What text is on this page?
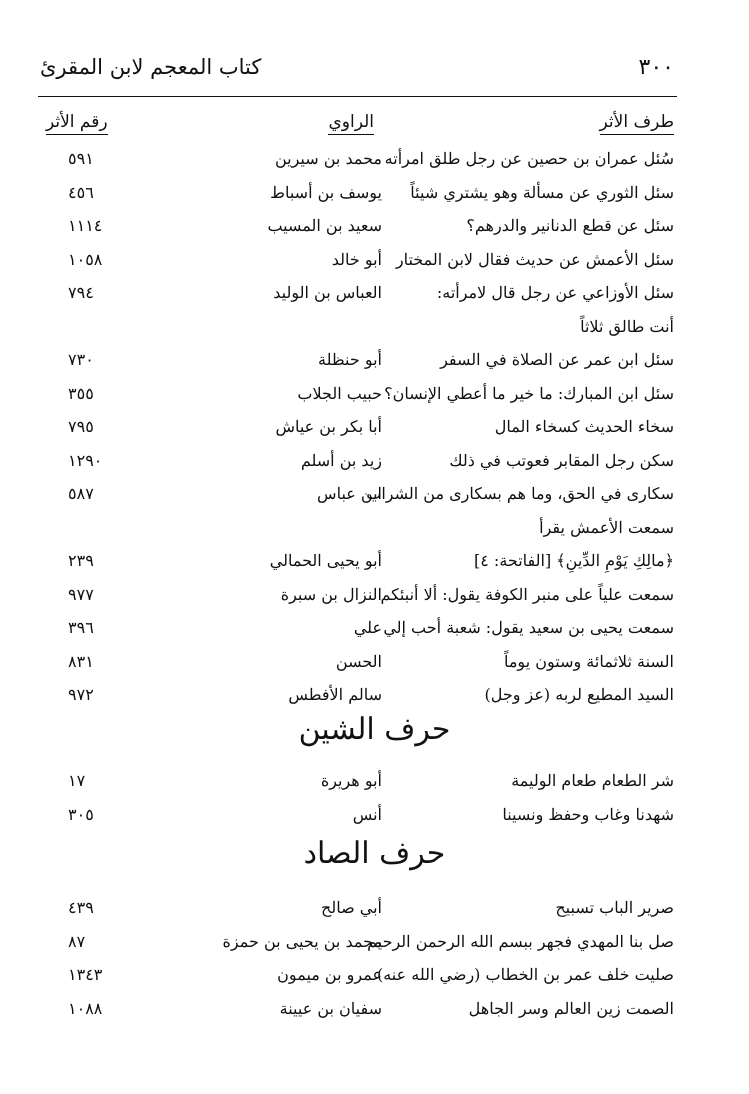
٣٠٠
كتاب المعجم لابن المقرئ
طرف الأثر
الراوي
رقم الأثر
سُئل عمران بن حصين عن رجل طلق امرأته
محمد بن سيرين
٥٩١
سئل الثوري عن مسألة وهو يشتري شيئاً
يوسف بن أسباط
٤٥٦
سئل عن قطع الدنانير والدرهم؟
سعيد بن المسيب
١١١٤
سئل الأعمش عن حديث فقال لابن المختار
أبو خالد
١٠٥٨
سئل الأوزاعي عن رجل قال لامرأته:
العباس بن الوليد
٧٩٤
أنت طالق ثلاثاً
سئل ابن عمر عن الصلاة في السفر
أبو حنظلة
٧٣٠
سئل ابن المبارك: ما خير ما أعطي الإنسان؟
حبيب الجلاب
٣٥٥
سخاء الحديث كسخاء المال
أبا بكر بن عياش
٧٩٥
سكن رجل المقابر فعوتب في ذلك
زيد بن أسلم
١٢٩٠
سكارى في الحق، وما هم بسكارى من الشراب
ابن عباس
٥٨٧
سمعت الأعمش يقرأ
﴿مالِكِ يَوْمِ الدِّينِ﴾ [الفاتحة: ٤]
أبو يحيى الحمالي
٢٣٩
سمعت علياً على منبر الكوفة يقول: ألا أنبئكم
النزال بن سبرة
٩٧٧
سمعت يحيى بن سعيد يقول: شعبة أحب إلي
علي
٣٩٦
السنة ثلاثمائة وستون يوماً
الحسن
٨٣١
السيد المطيع لربه (عز وجل)
سالم الأفطس
٩٧٢
حرف الشين
شر الطعام طعام الوليمة
أبو هريرة
١٧
شهدنا وغاب وحفظ ونسينا
أنس
٣٠٥
حرف الصاد
صرير الباب تسبيح
أبي صالح
٤٣٩
صل بنا المهدي فجهر ببسم الله الرحمن الرحيم
محمد بن يحيى بن حمزة
٨٧
صليت خلف عمر بن الخطاب (رضي الله عنه)
عمرو بن ميمون
١٣٤٣
الصمت زين العالم وسر الجاهل
سفيان بن عيينة
١٠٨٨
